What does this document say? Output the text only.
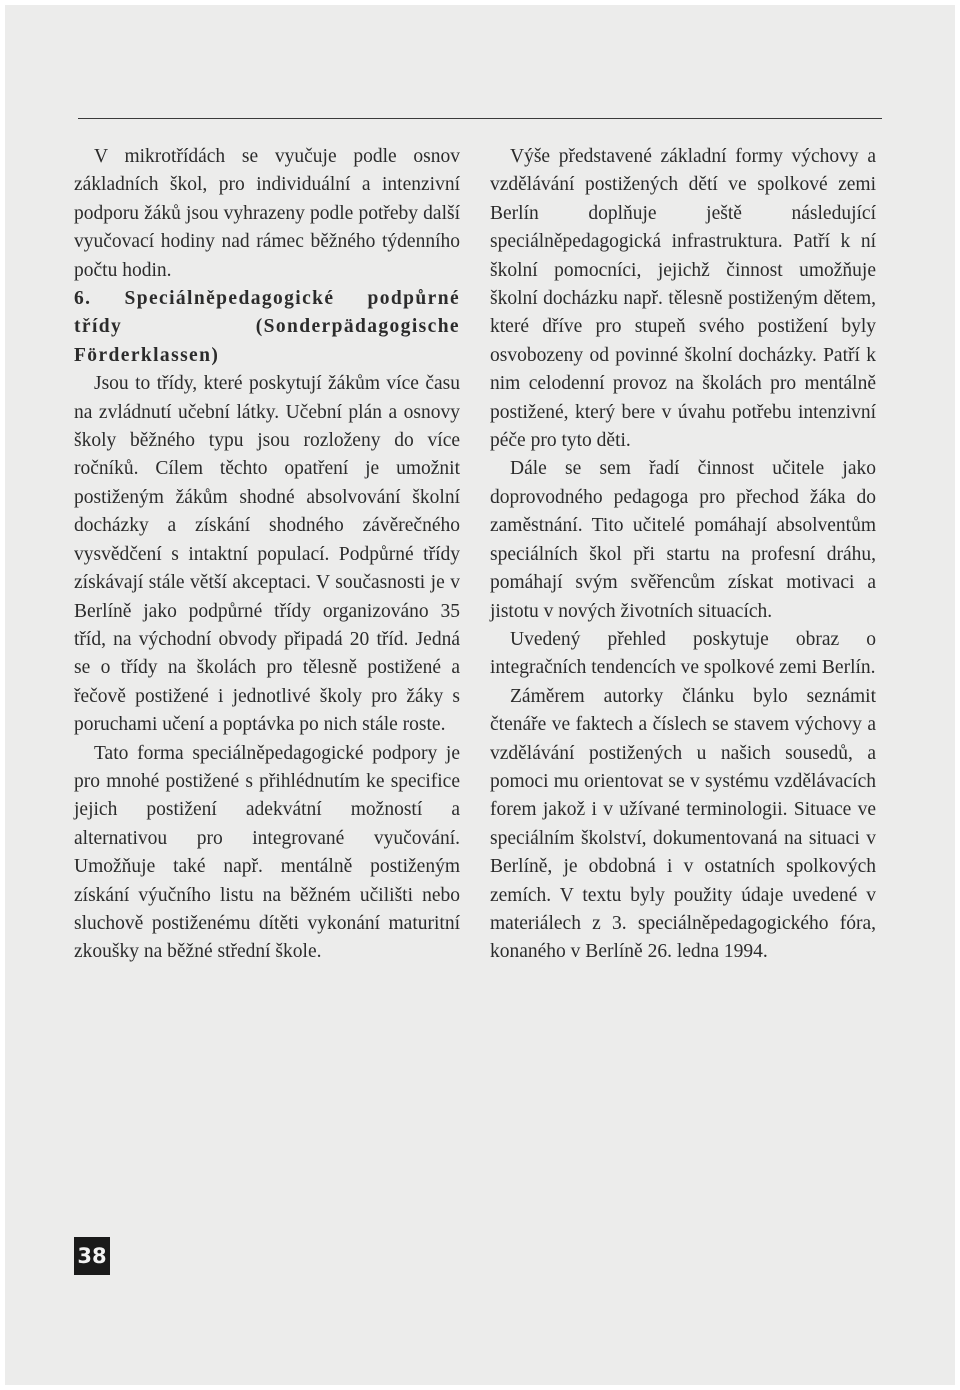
V mikrotřídách se vyučuje podle osnov základních škol, pro individuální a intenzivní podporu žáků jsou vyhrazeny podle potřeby další vyučovací hodiny nad rámec běžného týdenního počtu hodin.

6. Speciálněpedagogické podpůrné třídy (Sonderpädagogische Förderklassen)

Jsou to třídy, které poskytují žákům více času na zvládnutí učební látky. Učební plán a osnovy školy běžného typu jsou rozloženy do více ročníků. Cílem těchto opatření je umožnit postiženým žákům shodné absolvování školní docházky a získání shodného závěrečného vysvědčení s intaktní populací. Podpůrné třídy získávají stále větší akceptaci. V současnosti je v Berlíně jako podpůrné třídy organizováno 35 tříd, na východní obvody připadá 20 tříd. Jedná se o třídy na školách pro tělesně postižené a řečově postižené i jednotlivé školy pro žáky s poruchami učení a poptávka po nich stále roste.

Tato forma speciálněpedagogické podpory je pro mnohé postižené s přihlédnutím ke specifice jejich postižení adekvátní možností a alternativou pro integrované vyučování. Umožňuje také např. mentálně postiženým získání výučního listu na běžném učilišti nebo sluchově postiženému dítěti vykonání maturitní zkoušky na běžné střední škole.

Výše představené základní formy výchovy a vzdělávání postižených dětí ve spolkové zemi Berlín doplňuje ještě následující speciálněpedagogická infrastruktura. Patří k ní školní pomocníci, jejichž činnost umožňuje školní docházku např. tělesně postiženým dětem, které dříve pro stupeň svého postižení byly osvobozeny od povinné školní docházky. Patří k nim celodenní provoz na školách pro mentálně postižené, který bere v úvahu potřebu intenzivní péče pro tyto děti.

Dále se sem řadí činnost učitele jako doprovodného pedagoga pro přechod žáka do zaměstnání. Tito učitelé pomáhají absolventům speciálních škol při startu na profesní dráhu, pomáhají svým svěřencům získat motivaci a jistotu v nových životních situacích.

Uvedený přehled poskytuje obraz o integračních tendencích ve spolkové zemi Berlín.

Záměrem autorky článku bylo seznámit čtenáře ve faktech a číslech se stavem výchovy a vzdělávání postižených u našich sousedů, a pomoci mu orientovat se v systému vzdělávacích forem jakož i v užívané terminologii. Situace ve speciálním školství, dokumentovaná na situaci v Berlíně, je obdobná i v ostatních spolkových zemích. V textu byly použity údaje uvedené v materiálech z 3. speciálněpedagogického fóra, konaného v Berlíně 26. ledna 1994.

38
